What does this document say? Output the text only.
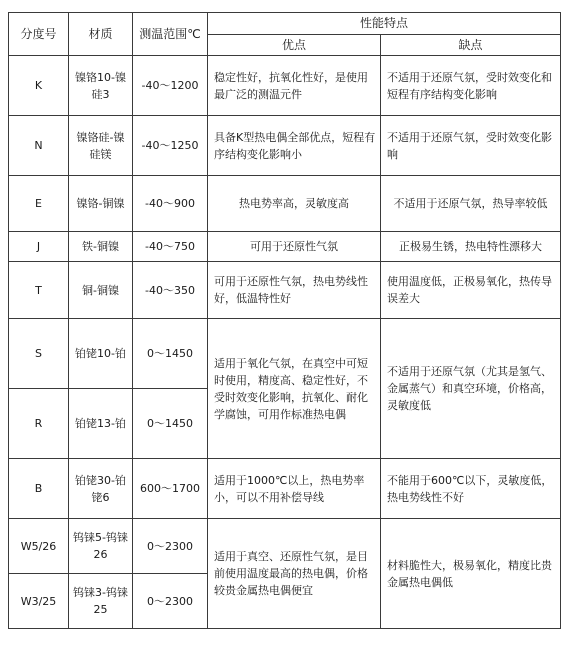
分度号	材质	测温范围℃	性能特点	
			优点	缺点
K	镍铬10-镍硅3	-40～1200	稳定性好，抗氧化性好，是使用最广泛的测温元件	不适用于还原气氛，受时效变化和短程有序结构变化影响
N	镍铬硅-镍硅镁	-40～1250	具备K型热电偶全部优点，短程有序结构变化影响小	不适用于还原气氛，受时效变化影响
E	镍铬-铜镍	-40～900	热电势率高，灵敏度高	不适用于还原气氛，热导率较低
J	铁-铜镍	-40～750	可用于还原性气氛	正极易生锈，热电特性漂移大
T	铜-铜镍	-40～350	可用于还原性气氛，热电势线性好，低温特性好	使用温度低，正极易氧化，热传导误差大
S	铂铑10-铂	0～1450	适用于氧化气氛，在真空中可短时使用，精度高、稳定性好，不受时效变化影响，抗氧化、耐化学腐蚀，可用作标准热电偶	不适用于还原气氛（尤其是氢气、金属蒸气）和真空环境，价格高，灵敏度低
R	铂铑13-铂	0～1450		
B	铂铑30-铂铑6	600～1700	适用于1000℃以上，热电势率小，可以不用补偿导线	不能用于600℃以下，灵敏度低，热电势线性不好
W5/26	钨铼5-钨铼26	0～2300	适用于真空、还原性气氛，是目前使用温度最高的热电偶，价格较贵金属热电偶便宜	材料脆性大，极易氧化，精度比贵金属热电偶低
W3/25	钨铼3-钨铼25	0～2300		
